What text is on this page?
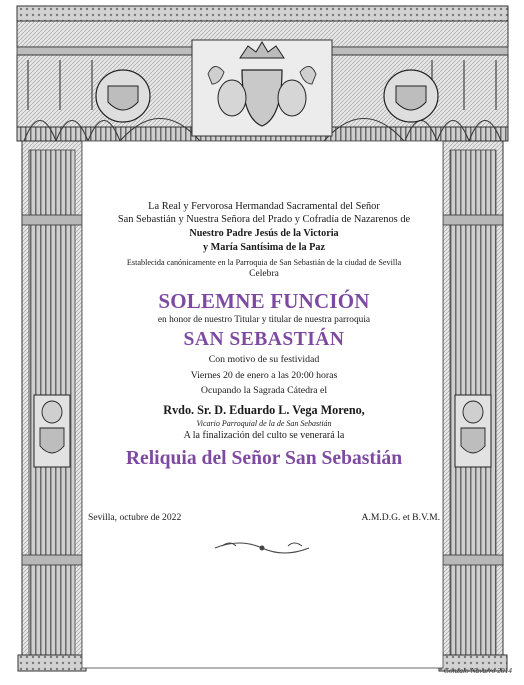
La Real y Fervorosa Hermandad Sacramental del Señor
San Sebastián y Nuestra Señora del Prado y Cofradía de Nazarenos de
Nuestro Padre Jesús de la Victoria
y María Santísima de la Paz
Establecida canónicamente en la Parroquia de San Sebastián de la ciudad de Sevilla
Celebra
SOLEMNE FUNCIÓN
en honor de nuestro Titular y titular de nuestra parroquia
SAN SEBASTIÁN
Con motivo de su festividad
Viernes 20 de enero a las 20:00 horas
Ocupando la Sagrada Cátedra el
Rvdo. Sr. D. Eduardo L. Vega Moreno,
Vicario Parroquial de la de San Sebastián
A la finalización del culto se venerará la
Reliquia del Señor San Sebastián
Sevilla, octubre de 2022	A.M.D.G. et B.V.M.
Gonzalo Navarro 2014
